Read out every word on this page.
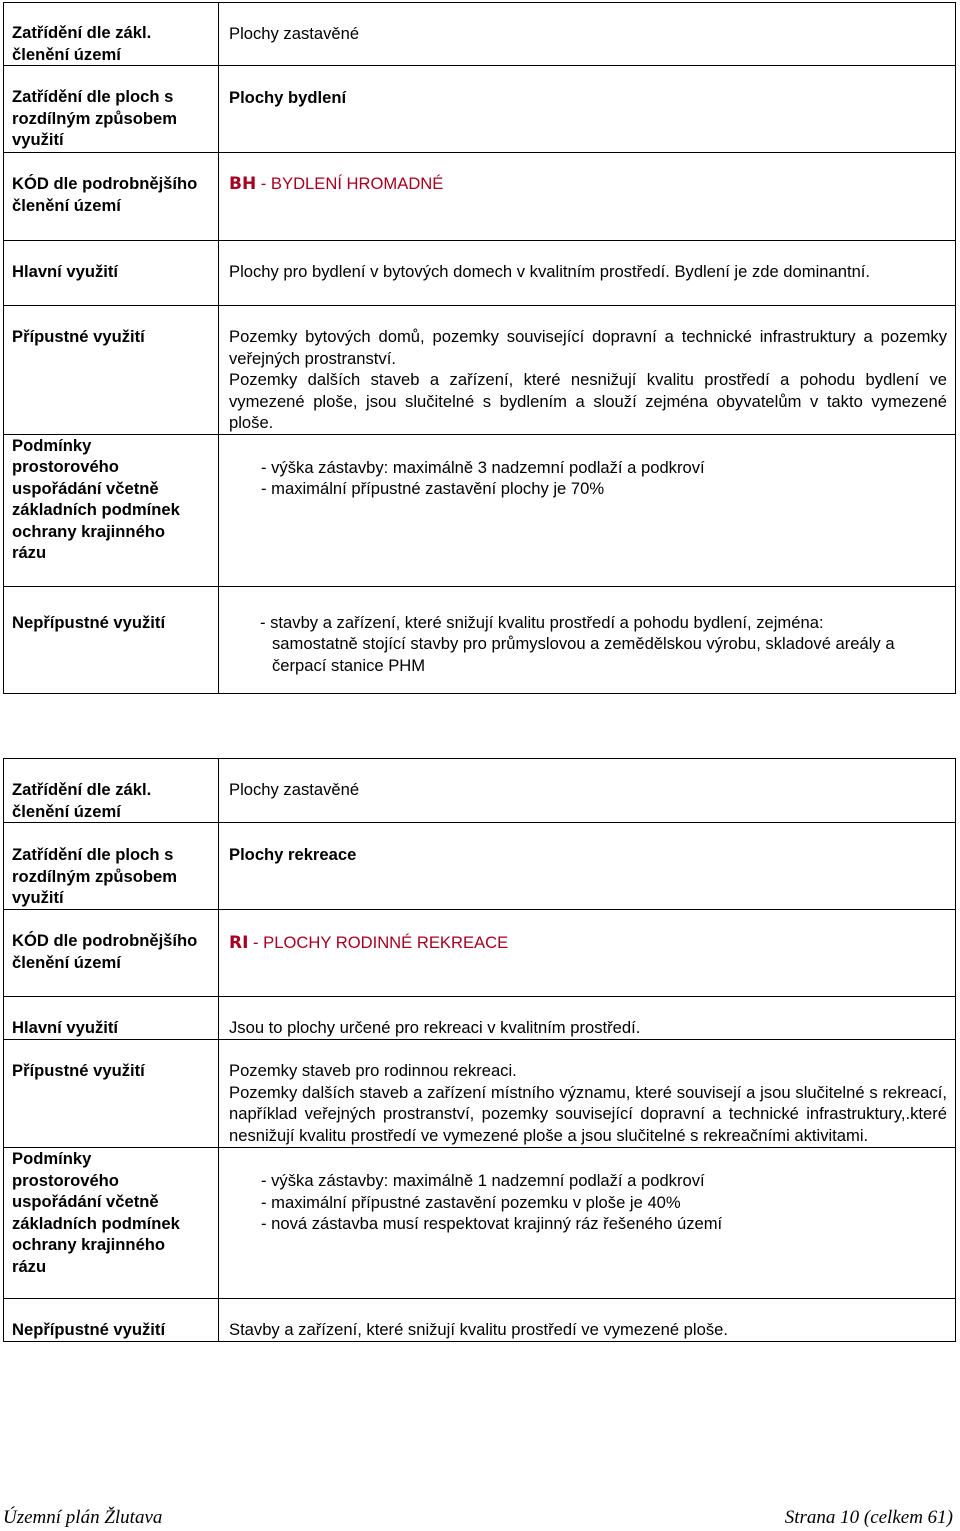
Zatřídění dle zákl. členění území	Plochy zastavěné

Zatřídění dle ploch s rozdílným způsobem využití	Plochy bydlení

KÓD dle podrobnějšího členění území	BH - BYDLENÍ HROMADNÉ

Hlavní využití	Plochy pro bydlení v bytových domech v kvalitním prostředí. Bydlení je zde dominantní.

Přípustné využití	Pozemky bytových domů, pozemky související dopravní a technické infrastruktury a pozemky veřejných prostranství.

Pozemky dalších staveb a zařízení, které nesnižují kvalitu prostředí a pohodu bydlení ve vymezené ploše, jsou slučitelné s bydlením a slouží zejména obyvatelům v takto vymezené ploše.

Podmínky prostorového uspořádání včetně základních podmínek ochrany krajinného rázu	- výška zástavby: maximálně 3 nadzemní podlaží a podkroví

- maximální přípustné zastavění plochy je 70%

Nepřípustné využití	- stavby a zařízení, které snižují kvalitu prostředí a pohodu bydlení, zejména:

samostatně stojící stavby pro průmyslovou a zemědělskou výrobu, skladové areály a čerpací stanice PHM

Zatřídění dle zákl. členění území	Plochy zastavěné

Zatřídění dle ploch s rozdílným způsobem využití	Plochy rekreace

KÓD dle podrobnějšího členění území	RI - PLOCHY RODINNÉ REKREACE

Hlavní využití	Jsou to plochy určené pro rekreaci v kvalitním prostředí.

Přípustné využití	Pozemky staveb pro rodinnou rekreaci.

Pozemky dalších staveb a zařízení místního významu, které souvisejí a jsou slučitelné s rekreací, například veřejných prostranství, pozemky související dopravní a technické infrastruktury,.které nesnižují kvalitu prostředí ve vymezené ploše a jsou slučitelné s rekreačními aktivitami.

Podmínky prostorového uspořádání včetně základních podmínek ochrany krajinného rázu	- výška zástavby: maximálně 1 nadzemní podlaží a podkroví

- maximální přípustné zastavění pozemku v ploše je 40%

- nová zástavba musí respektovat krajinný ráz řešeného území

Nepřípustné využití	Stavby a zařízení, které snižují kvalitu prostředí ve vymezené ploše.
Územní plán Žlutava	Strana 10 (celkem 61)
